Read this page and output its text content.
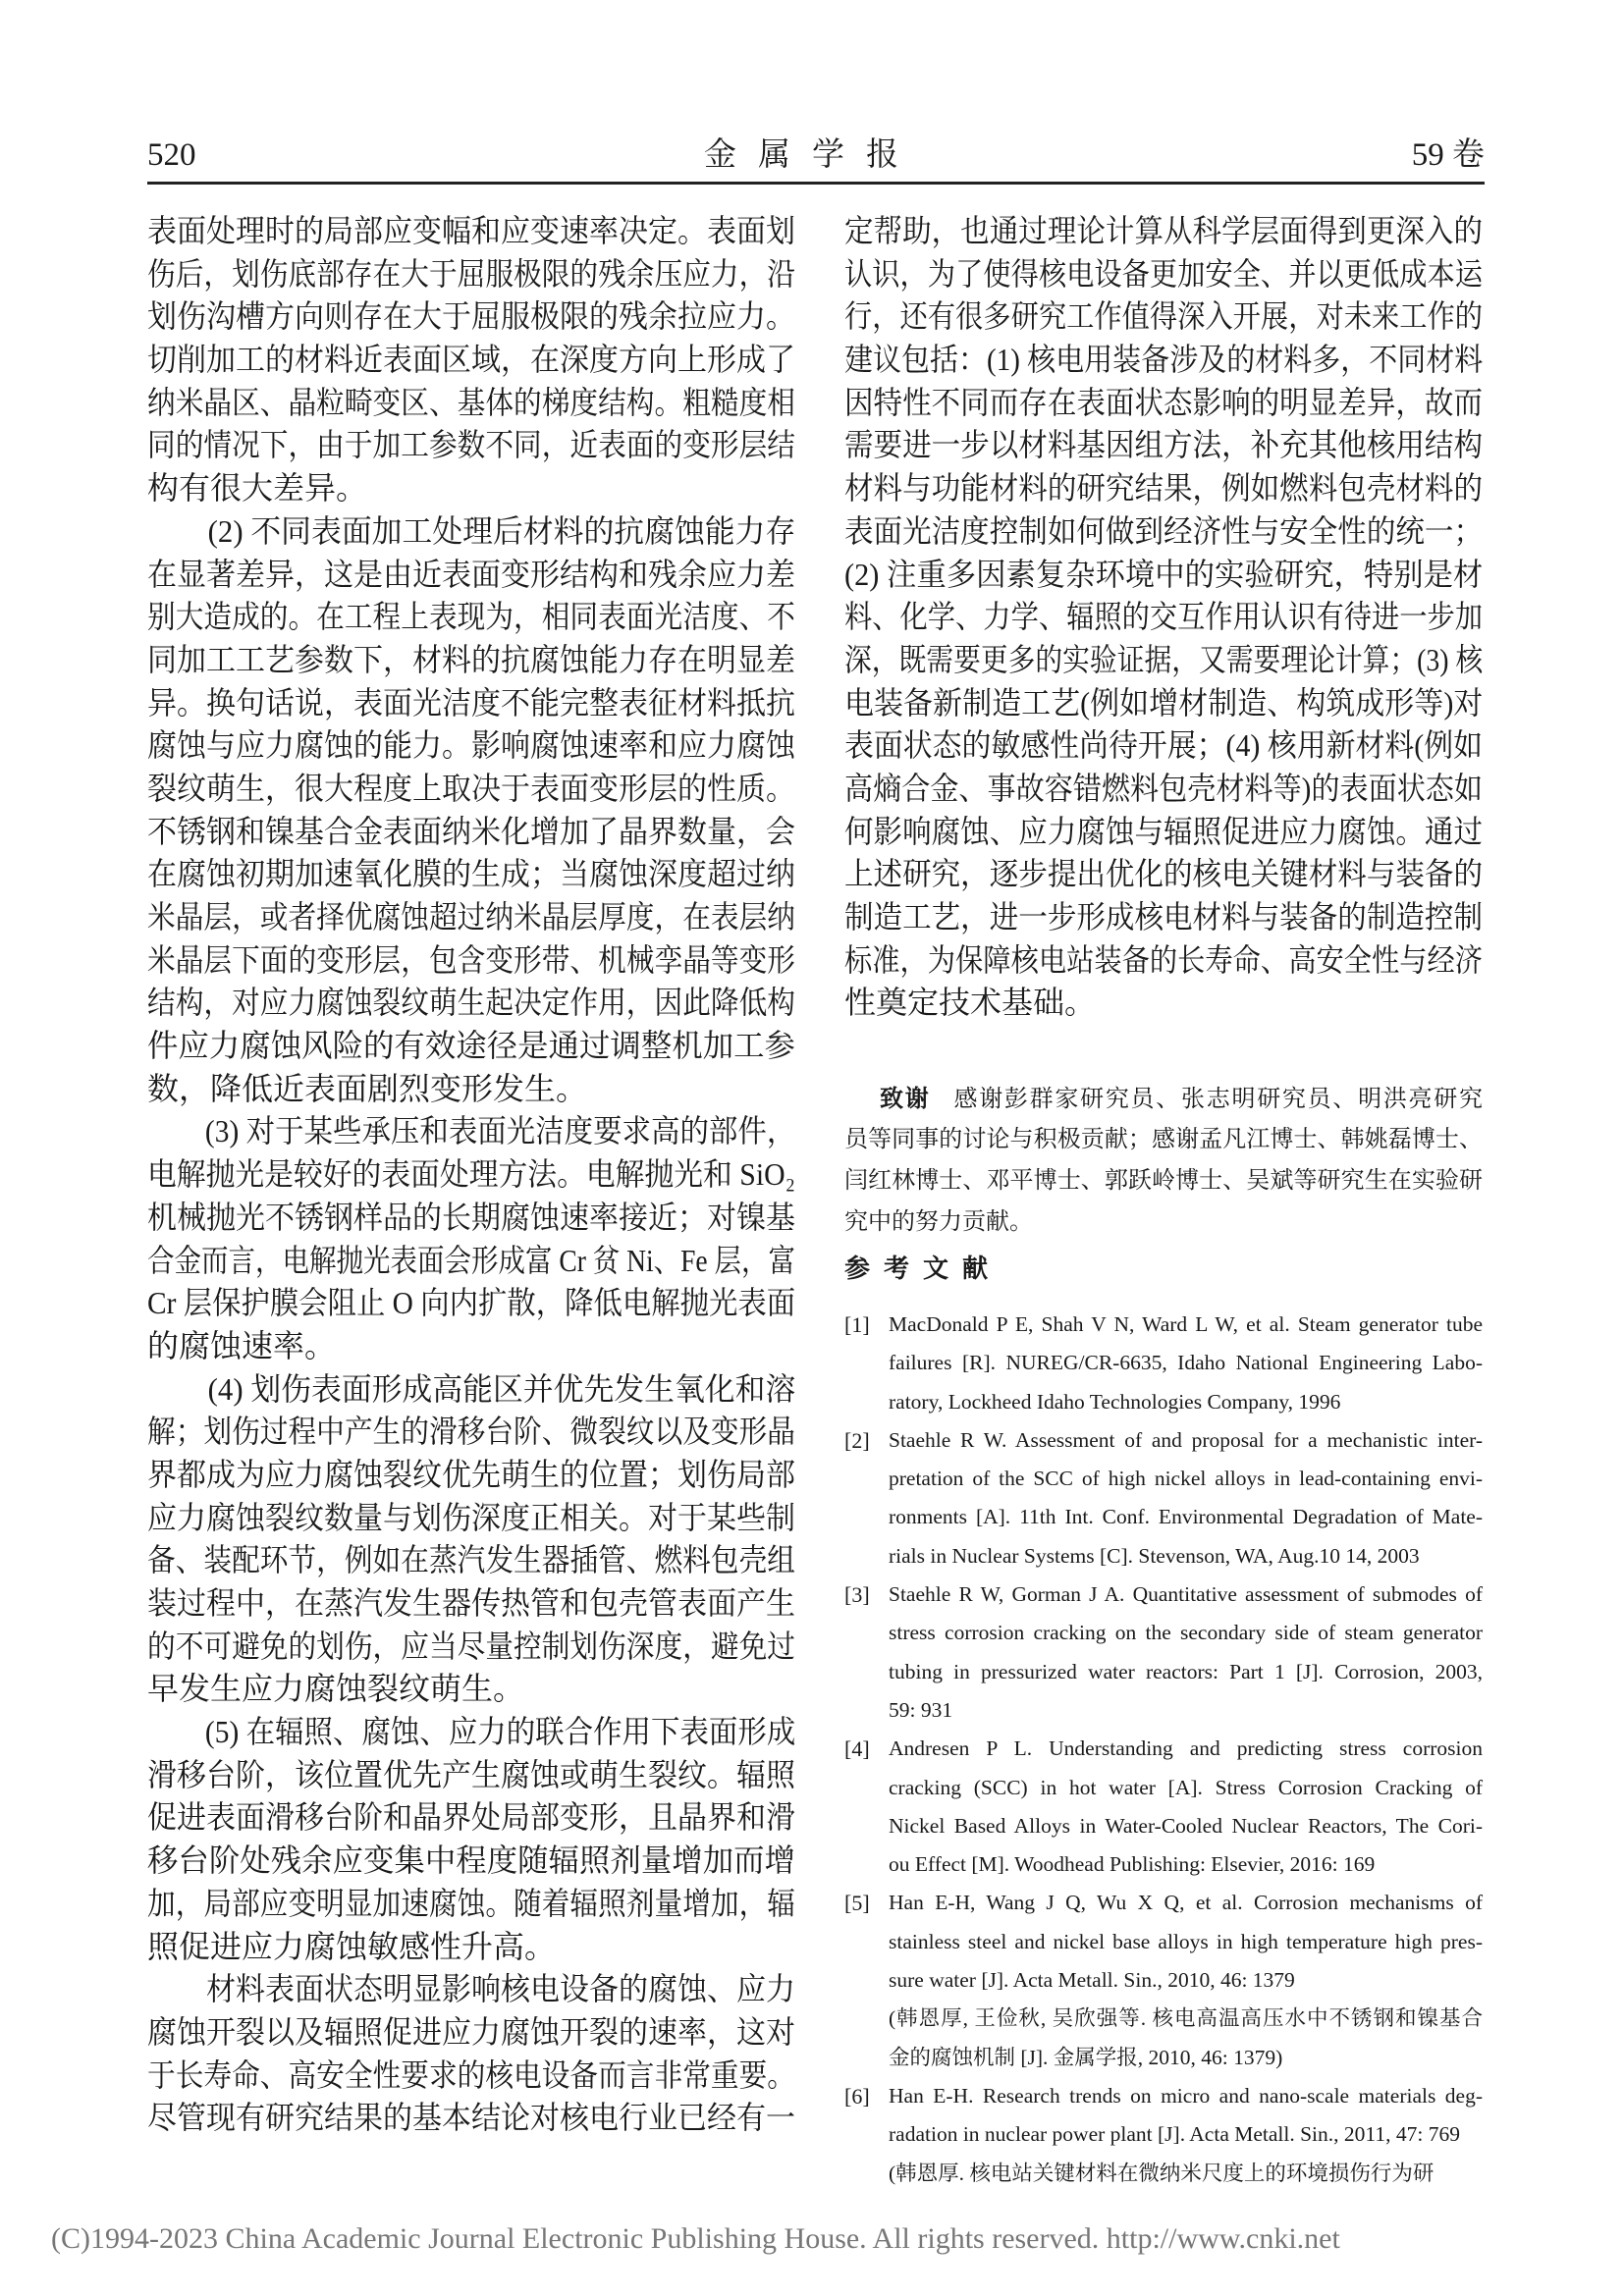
520	金属学报	59 卷
表面处理时的局部应变幅和应变速率决定。表面划
伤后，划伤底部存在大于屈服极限的残余压应力，沿
划伤沟槽方向则存在大于屈服极限的残余拉应力。
切削加工的材料近表面区域，在深度方向上形成了
纳米晶区、晶粒畸变区、基体的梯度结构。粗糙度相
同的情况下，由于加工参数不同，近表面的变形层结
构有很大差异。
(2) 不同表面加工处理后材料的抗腐蚀能力存
在显著差异，这是由近表面变形结构和残余应力差
别大造成的。在工程上表现为，相同表面光洁度、不
同加工工艺参数下，材料的抗腐蚀能力存在明显差
异。换句话说，表面光洁度不能完整表征材料抵抗
腐蚀与应力腐蚀的能力。影响腐蚀速率和应力腐蚀
裂纹萌生，很大程度上取决于表面变形层的性质。
不锈钢和镍基合金表面纳米化增加了晶界数量，会
在腐蚀初期加速氧化膜的生成；当腐蚀深度超过纳
米晶层，或者择优腐蚀超过纳米晶层厚度，在表层纳
米晶层下面的变形层，包含变形带、机械孪晶等变形
结构，对应力腐蚀裂纹萌生起决定作用，因此降低构
件应力腐蚀风险的有效途径是通过调整机加工参
数，降低近表面剧烈变形发生。
(3) 对于某些承压和表面光洁度要求高的部件，
电解抛光是较好的表面处理方法。电解抛光和 SiO₂
机械抛光不锈钢样品的长期腐蚀速率接近；对镍基
合金而言，电解抛光表面会形成富 Cr 贫 Ni、Fe 层，富
Cr 层保护膜会阻止 O 向内扩散，降低电解抛光表面
的腐蚀速率。
(4) 划伤表面形成高能区并优先发生氧化和溶
解；划伤过程中产生的滑移台阶、微裂纹以及变形晶
界都成为应力腐蚀裂纹优先萌生的位置；划伤局部
应力腐蚀裂纹数量与划伤深度正相关。对于某些制
备、装配环节，例如在蒸汽发生器插管、燃料包壳组
装过程中，在蒸汽发生器传热管和包壳管表面产生
的不可避免的划伤，应当尽量控制划伤深度，避免过
早发生应力腐蚀裂纹萌生。
(5) 在辐照、腐蚀、应力的联合作用下表面形成
滑移台阶，该位置优先产生腐蚀或萌生裂纹。辐照
促进表面滑移台阶和晶界处局部变形，且晶界和滑
移台阶处残余应变集中程度随辐照剂量增加而增
加，局部应变明显加速腐蚀。随着辐照剂量增加，辐
照促进应力腐蚀敏感性升高。
材料表面状态明显影响核电设备的腐蚀、应力
腐蚀开裂以及辐照促进应力腐蚀开裂的速率，这对
于长寿命、高安全性要求的核电设备而言非常重要。
尽管现有研究结果的基本结论对核电行业已经有一
定帮助，也通过理论计算从科学层面得到更深入的
认识，为了使得核电设备更加安全、并以更低成本运
行，还有很多研究工作值得深入开展，对未来工作的
建议包括：(1) 核电用装备涉及的材料多，不同材料
因特性不同而存在表面状态影响的明显差异，故而
需要进一步以材料基因组方法，补充其他核用结构
材料与功能材料的研究结果，例如燃料包壳材料的
表面光洁度控制如何做到经济性与安全性的统一；
(2) 注重多因素复杂环境中的实验研究，特别是材
料、化学、力学、辐照的交互作用认识有待进一步加
深，既需要更多的实验证据，又需要理论计算；(3) 核
电装备新制造工艺(例如增材制造、构筑成形等)对
表面状态的敏感性尚待开展；(4) 核用新材料(例如
高熵合金、事故容错燃料包壳材料等)的表面状态如
何影响腐蚀、应力腐蚀与辐照促进应力腐蚀。通过
上述研究，逐步提出优化的核电关键材料与装备的
制造工艺，进一步形成核电材料与装备的制造控制
标准，为保障核电站装备的长寿命、高安全性与经济
性奠定技术基础。
致谢 感谢彭群家研究员、张志明研究员、明洪亮研究
员等同事的讨论与积极贡献；感谢孟凡江博士、韩姚磊博士、
闫红林博士、邓平博士、郭跃岭博士、吴斌等研究生在实验研
究中的努力贡献。
参考文献
[1] MacDonald P E, Shah V N, Ward L W, et al. Steam generator tube
failures [R]. NUREG/CR-6635, Idaho National Engineering Labo-
ratory, Lockheed Idaho Technologies Company, 1996
[2] Staehle R W. Assessment of and proposal for a mechanistic inter-
pretation of the SCC of high nickel alloys in lead-containing envi-
ronments [A]. 11th Int. Conf. Environmental Degradation of Mate-
rials in Nuclear Systems [C]. Stevenson, WA, Aug.10 14, 2003
[3] Staehle R W, Gorman J A. Quantitative assessment of submodes of
stress corrosion cracking on the secondary side of steam generator
tubing in pressurized water reactors: Part 1 [J]. Corrosion, 2003,
59: 931
[4] Andresen P L. Understanding and predicting stress corrosion
cracking (SCC) in hot water [A]. Stress Corrosion Cracking of
Nickel Based Alloys in Water-Cooled Nuclear Reactors, The Cori-
ou Effect [M]. Woodhead Publishing: Elsevier, 2016: 169
[5] Han E-H, Wang J Q, Wu X Q, et al. Corrosion mechanisms of
stainless steel and nickel base alloys in high temperature high pres-
sure water [J]. Acta Metall. Sin., 2010, 46: 1379
(韩恩厚, 王俭秋, 吴欣强等. 核电高温高压水中不锈钢和镍基合
金的腐蚀机制 [J]. 金属学报, 2010, 46: 1379)
[6] Han E-H. Research trends on micro and nano-scale materials deg-
radation in nuclear power plant [J]. Acta Metall. Sin., 2011, 47: 769
(韩恩厚. 核电站关键材料在微纳米尺度上的环境损伤行为研
(C)1994-2023 China Academic Journal Electronic Publishing House. All rights reserved. http://www.cnki.net
